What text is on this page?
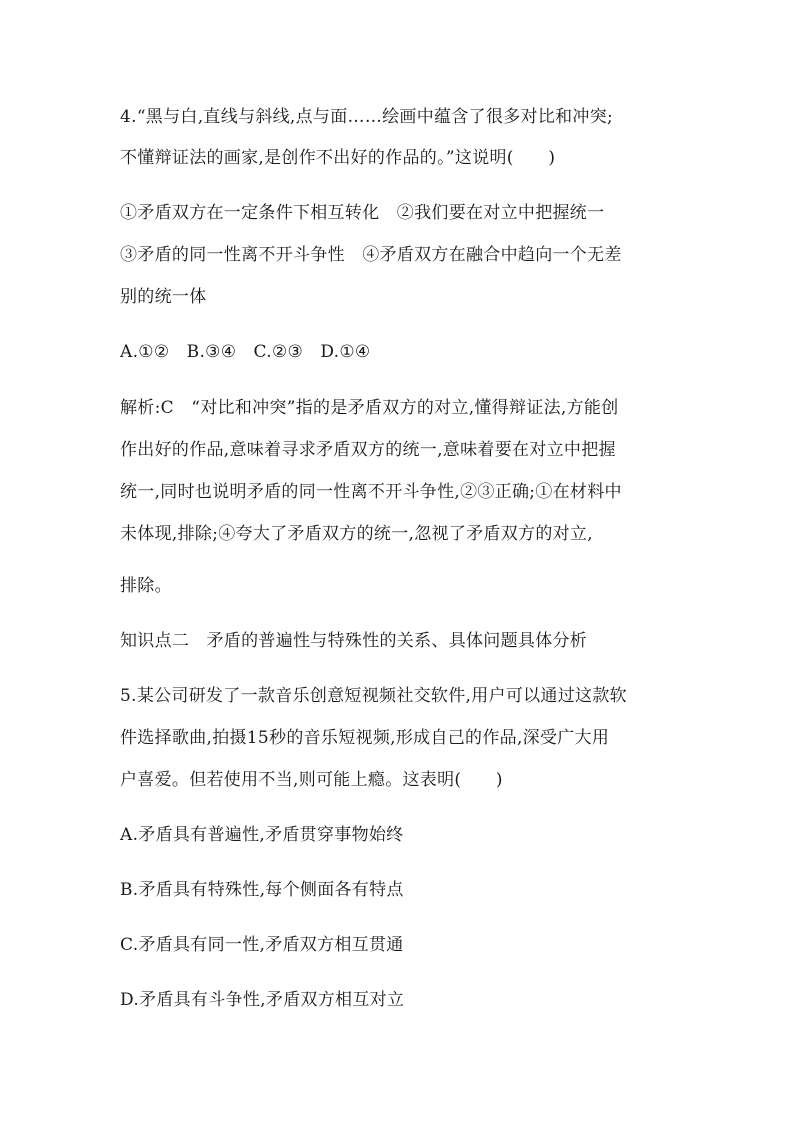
4.“黑与白,直线与斜线,点与面……绘画中蕴含了很多对比和冲突;
不懂辩证法的画家,是创作不出好的作品的。”这说明(　　)
①矛盾双方在一定条件下相互转化　②我们要在对立中把握统一
③矛盾的同一性离不开斗争性　④矛盾双方在融合中趋向一个无差
别的统一体
A.①②　B.③④　C.②③　D.①④
解析:C　“对比和冲突”指的是矛盾双方的对立,懂得辩证法,方能创
作出好的作品,意味着寻求矛盾双方的统一,意味着要在对立中把握
统一,同时也说明矛盾的同一性离不开斗争性,②③正确;①在材料中
未体现,排除;④夸大了矛盾双方的统一,忽视了矛盾双方的对立,
排除。
知识点二　矛盾的普遍性与特殊性的关系、具体问题具体分析
5.某公司研发了一款音乐创意短视频社交软件,用户可以通过这款软
件选择歌曲,拍摄15秒的音乐短视频,形成自己的作品,深受广大用
户喜爱。但若使用不当,则可能上瘾。这表明(　　)
A.矛盾具有普遍性,矛盾贯穿事物始终
B.矛盾具有特殊性,每个侧面各有特点
C.矛盾具有同一性,矛盾双方相互贯通
D.矛盾具有斗争性,矛盾双方相互对立
